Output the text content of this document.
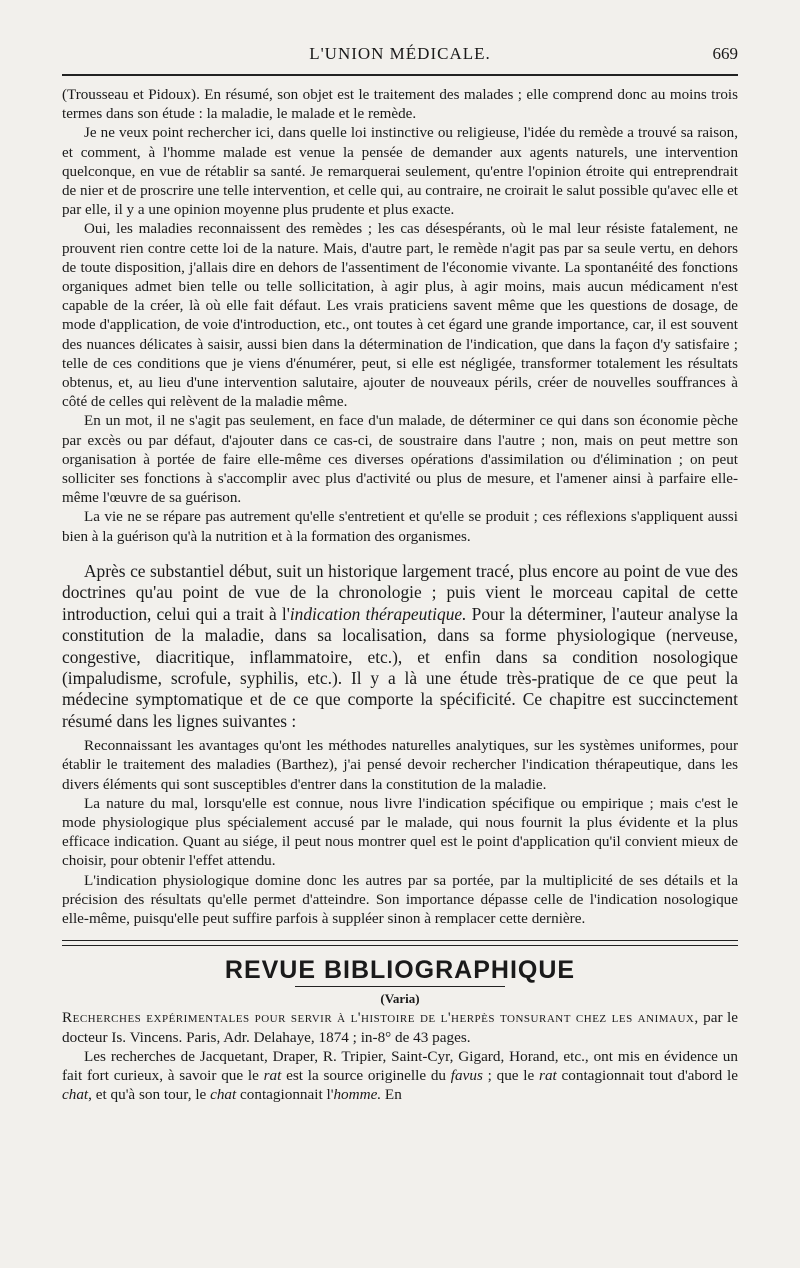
L'UNION MÉDICALE.	669

(Trousseau et Pidoux). En résumé, son objet est le traitement des malades ; elle comprend donc au moins trois termes dans son étude : la maladie, le malade et le remède.

Je ne veux point rechercher ici, dans quelle loi instinctive ou religieuse, l'idée du remède a trouvé sa raison, et comment, à l'homme malade est venue la pensée de demander aux agents naturels, une intervention quelconque, en vue de rétablir sa santé. Je remarquerai seulement, qu'entre l'opinion étroite qui entreprendrait de nier et de proscrire une telle intervention, et celle qui, au contraire, ne croirait le salut possible qu'avec elle et par elle, il y a une opinion moyenne plus prudente et plus exacte.

Oui, les maladies reconnaissent des remèdes ; les cas désespérants, où le mal leur résiste fatalement, ne prouvent rien contre cette loi de la nature. Mais, d'autre part, le remède n'agit pas par sa seule vertu, en dehors de toute disposition, j'allais dire en dehors de l'assentiment de l'économie vivante. La spontanéité des fonctions organiques admet bien telle ou telle sollicitation, à agir plus, à agir moins, mais aucun médicament n'est capable de la créer, là où elle fait défaut. Les vrais praticiens savent même que les questions de dosage, de mode d'application, de voie d'introduction, etc., ont toutes à cet égard une grande importance, car, il est souvent des nuances délicates à saisir, aussi bien dans la détermination de l'indication, que dans la façon d'y satisfaire ; telle de ces conditions que je viens d'énumérer, peut, si elle est négligée, transformer totalement les résultats obtenus, et, au lieu d'une intervention salutaire, ajouter de nouveaux périls, créer de nouvelles souffrances à côté de celles qui relèvent de la maladie même.

En un mot, il ne s'agit pas seulement, en face d'un malade, de déterminer ce qui dans son économie pèche par excès ou par défaut, d'ajouter dans ce cas-ci, de soustraire dans l'autre ; non, mais on peut mettre son organisation à portée de faire elle-même ces diverses opérations d'assimilation ou d'élimination ; on peut solliciter ses fonctions à s'accomplir avec plus d'activité ou plus de mesure, et l'amener ainsi à parfaire elle-même l'œuvre de sa guérison.

La vie ne se répare pas autrement qu'elle s'entretient et qu'elle se produit ; ces réflexions s'appliquent aussi bien à la guérison qu'à la nutrition et à la formation des organismes.

Après ce substantiel début, suit un historique largement tracé, plus encore au point de vue des doctrines qu'au point de vue de la chronologie ; puis vient le morceau capital de cette introduction, celui qui a trait à l'indication thérapeutique. Pour la déterminer, l'auteur analyse la constitution de la maladie, dans sa localisation, dans sa forme physiologique (nerveuse, congestive, diacritique, inflammatoire, etc.), et enfin dans sa condition nosologique (impaludisme, scrofule, syphilis, etc.). Il y a là une étude très-pratique de ce que peut la médecine symptomatique et de ce que comporte la spécificité. Ce chapitre est succinctement résumé dans les lignes suivantes :

Reconnaissant les avantages qu'ont les méthodes naturelles analytiques, sur les systèmes uniformes, pour établir le traitement des maladies (Barthez), j'ai pensé devoir rechercher l'indication thérapeutique, dans les divers éléments qui sont susceptibles d'entrer dans la constitution de la maladie.

La nature du mal, lorsqu'elle est connue, nous livre l'indication spécifique ou empirique ; mais c'est le mode physiologique plus spécialement accusé par le malade, qui nous fournit la plus évidente et la plus efficace indication. Quant au siége, il peut nous montrer quel est le point d'application qu'il convient mieux de choisir, pour obtenir l'effet attendu.

L'indication physiologique domine donc les autres par sa portée, par la multiplicité de ses détails et la précision des résultats qu'elle permet d'atteindre. Son importance dépasse celle de l'indication nosologique elle-même, puisqu'elle peut suffire parfois à suppléer sinon à remplacer cette dernière.

REVUE BIBLIOGRAPHIQUE
(Varia)

Recherches expérimentales pour servir à l'histoire de l'herpès tonsurant chez les animaux, par le docteur Is. Vincens. Paris, Adr. Delahaye, 1874 ; in-8° de 43 pages.

Les recherches de Jacquetant, Draper, R. Tripier, Saint-Cyr, Gigard, Horand, etc., ont mis en évidence un fait fort curieux, à savoir que le rat est la source originelle du favus ; que le rat contagionnait tout d'abord le chat, et qu'à son tour, le chat contagionnait l'homme. En
